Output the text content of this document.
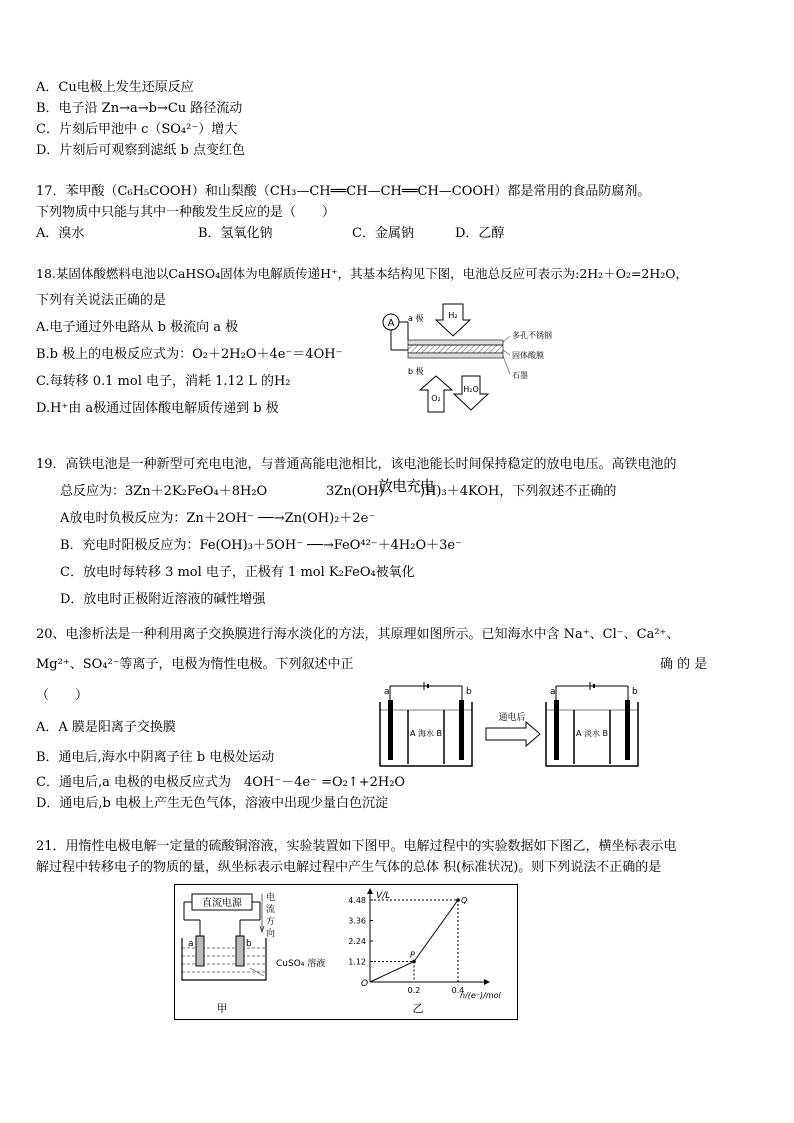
A．Cu电极上发生还原反应
B．电子沿 Zn→a→b→Cu 路径流动
C．片刻后甲池中 c（SO₄²⁻）增大
D．片刻后可观察到滤纸 b 点变红色
17．苯甲酸（C₆H₅COOH）和山梨酸（CH₃—CH══CH—CH══CH—COOH）都是常用的食品防腐剂。
下列物质中只能与其中一种酸发生反应的是（　　）
A．溴水	B．氢氧化钠	C．金属钠	D．乙醇
18.某固体酸燃料电池以CaHSO₄固体为电解质传递H⁺，其基本结构见下图，电池总反应可表示为:2H₂＋O₂=2H₂O，
下列有关说法正确的是
A.电子通过外电路从 b 极流向 a 极
B.b 极上的电极反应式为：O₂＋2H₂O＋4e⁻＝4OH⁻
C.每转移 0.1 mol 电子，消耗 1.12 L 的H₂
D.H⁺由 a极通过固体酸电解质传递到 b 极
A a 极
b 极
H₂
O₂
H₂O
多孔不锈钢
固体酸膜
石墨
19．高铁电池是一种新型可充电电池，与普通高能电池相比，该电池能长时间保持稳定的放电电压。高铁电池的
总反应为：3Zn＋2K₂FeO₄＋8H₂O	3Zn(OH)
放电充电
)H)₃＋4KOH，下列叙述不正确的
A放电时负极反应为：Zn＋2OH⁻ ──→Zn(OH)₂＋2e⁻
B．充电时阳极反应为：Fe(OH)₃＋5OH⁻ ──→FeO⁴²⁻＋4H₂O＋3e⁻
C．放电时每转移 3 mol 电子，正极有 1 mol K₂FeO₄被氧化
D．放电时正极附近溶液的碱性增强
20、电渗析法是一种利用离子交换膜进行海水淡化的方法，其原理如图所示。已知海水中含 Na⁺、Cl⁻、Ca²⁺、
Mg²⁺、SO₄²⁻等离子，电极为惰性电极。下列叙述中正	确 的 是
（　　）
A．A 膜是阳离子交换膜
B．通电后,海水中阴离子往 b 电极处运动
C．通电后,a 电极的电极反应式为　4OH⁻－4e⁻ =O₂↑+2H₂O
D．通电后,b 电极上产生无色气体，溶液中出现少量白色沉淀
a	b
A 海水 B
通电后
a	b
A 淡水 B
21．用惰性电极电解一定量的硫酸铜溶液，实验装置如下图甲。电解过程中的实验数据如下图乙，横坐标表示电
解过程中转移电子的物质的量，纵坐标表示电解过程中产生气体的总体 积(标准状况)。则下列说法不正确的是
直流电源	电
流
方
向
a	b
CuSO₄ 溶液
甲
V/L
n/(e⁻)/mol
O
4.48
3.36
2.24
1.12
0.2	0.4
P
Q
乙
